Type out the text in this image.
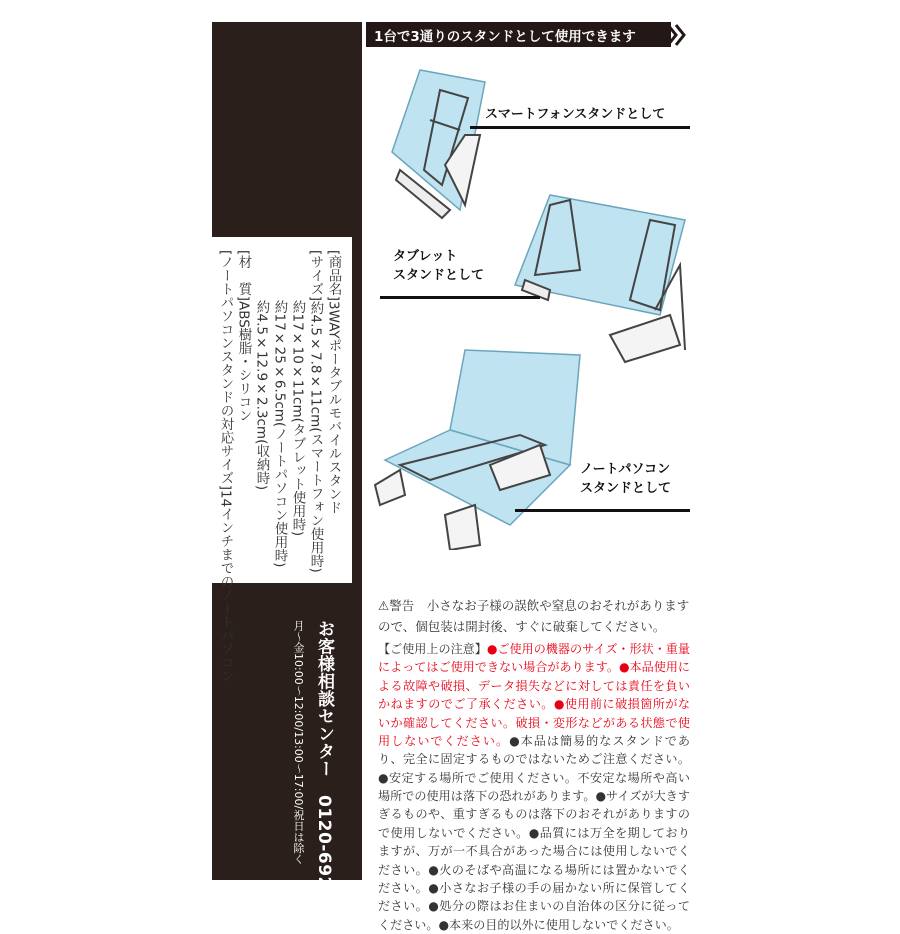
お客様相談センター　0120-692020
月～金10:00～12:00/13:00～17:00/祝日は除く
[商品名]3WAYポータブルモバイルスタンド
[サイズ]約4.5×7.8×11cm(スマートフォン使用時)
約17×10×11cm(タブレット使用時)
約17×25×6.5cm(ノートパソコン使用時)
約4.5×12.9×2.3cm(収納時)
[材　質]ABS樹脂・シリコン
[ノートパソコンスタンドの対応サイズ]14インチまでのノートパソコン
1台で3通りのスタンドとして使用できます
スマートフォンスタンドとして
タブレット
スタンドとして
ノートパソコン
スタンドとして
⚠警告　小さなお子様の誤飲や窒息のおそれがありますので、個包装は開封後、すぐに破棄してください。
【ご使用上の注意】●ご使用の機器のサイズ・形状・重量によってはご使用できない場合があります。●本品使用による故障や破損、データ損失などに対しては責任を負いかねますのでご了承ください。●使用前に破損箇所がないか確認してください。破損・変形などがある状態で使用しないでください。●本品は簡易的なスタンドであり、完全に固定するものではないためご注意ください。●安定する場所でご使用ください。不安定な場所や高い場所での使用は落下の恐れがあります。●サイズが大きすぎるものや、重すぎるものは落下のおそれがありますので使用しないでください。●品質には万全を期しておりますが、万が一不具合があった場合には使用しないでください。●火のそばや高温になる場所には置かないでください。●小さなお子様の手の届かない所に保管してください。●処分の際はお住まいの自治体の区分に従ってください。●本来の目的以外に使用しないでください。
